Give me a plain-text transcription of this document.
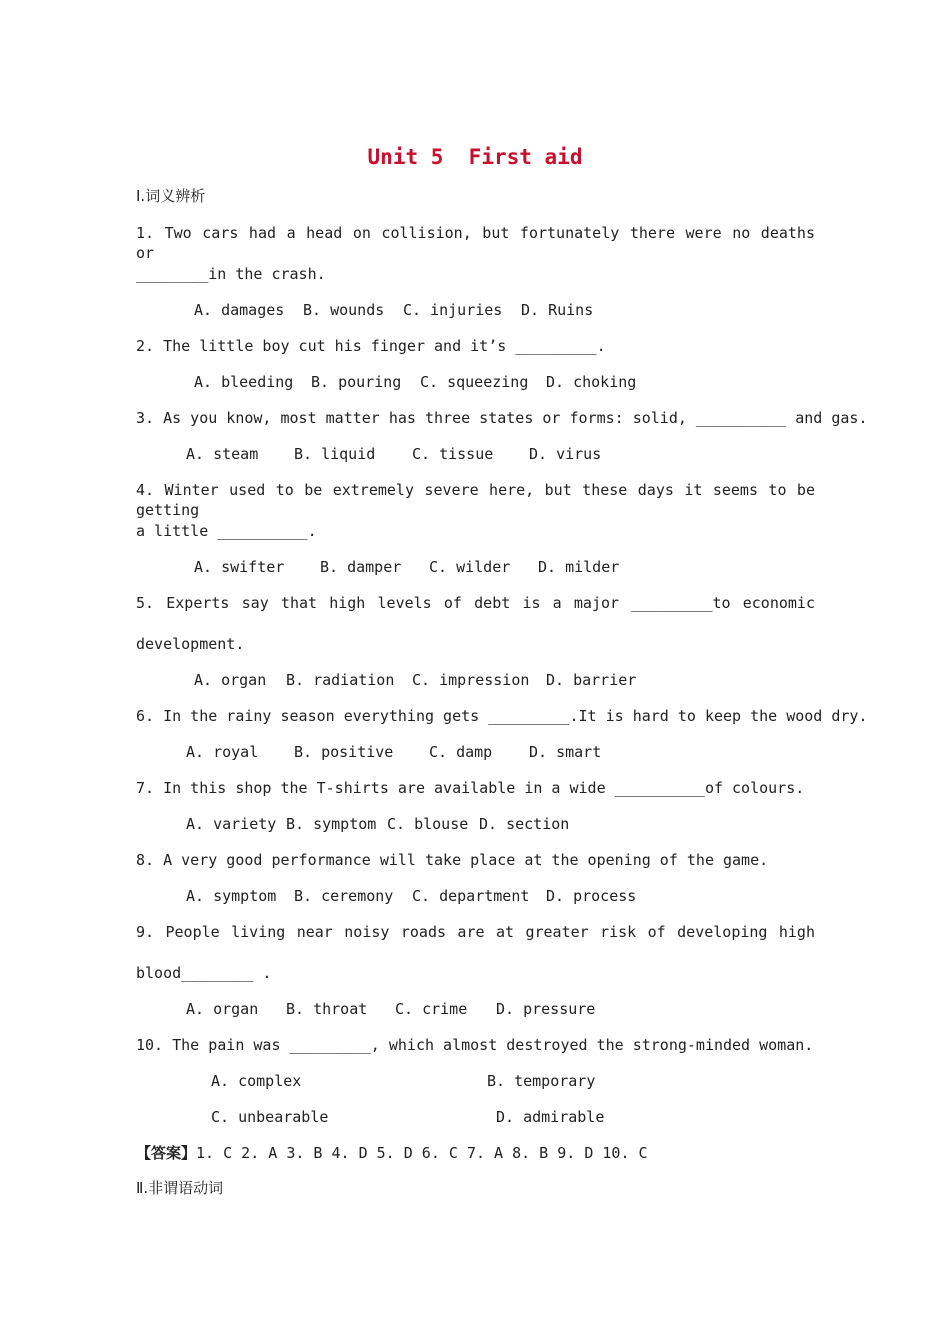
Unit 5  First aid
Ⅰ.词义辨析
1. Two cars had a head on collision, but fortunately there were no deaths or
________in the crash.
A. damages B. wounds C. injuries D. Ruins
2. The little boy cut his finger and it’s _________.
A. bleeding B. pouring C. squeezing D. choking
3. As you know, most matter has three states or forms: solid, __________ and gas.
A. steam B. liquid C. tissue D. virus
4. Winter used to be extremely severe here, but these days it seems to be getting
a little __________.
A. swifter B. damper C. wilder D. milder
5. Experts say that high levels of debt is a major _________to economic
development.
A. organ B. radiation C. impression D. barrier
6. In the rainy season everything gets _________.It is hard to keep the wood dry.
A. royal B. positive C. damp D. smart
7. In this shop the T-shirts are available in a wide __________of colours.
A. variety B. symptom C. blouse D. section
8. A very good performance will take place at the opening of the game.
A. symptom B. ceremony C. department D. process
9. People living near noisy roads are at greater risk of developing high
blood________ .
A. organ B. throat C. crime D. pressure
10. The pain was _________, which almost destroyed the strong-minded woman.
A. complex	B. temporary
C. unbearable	D. admirable
【答案】1. C 2. A 3. B 4. D 5. D 6. C 7. A 8. B 9. D 10. C
Ⅱ.非谓语动词
